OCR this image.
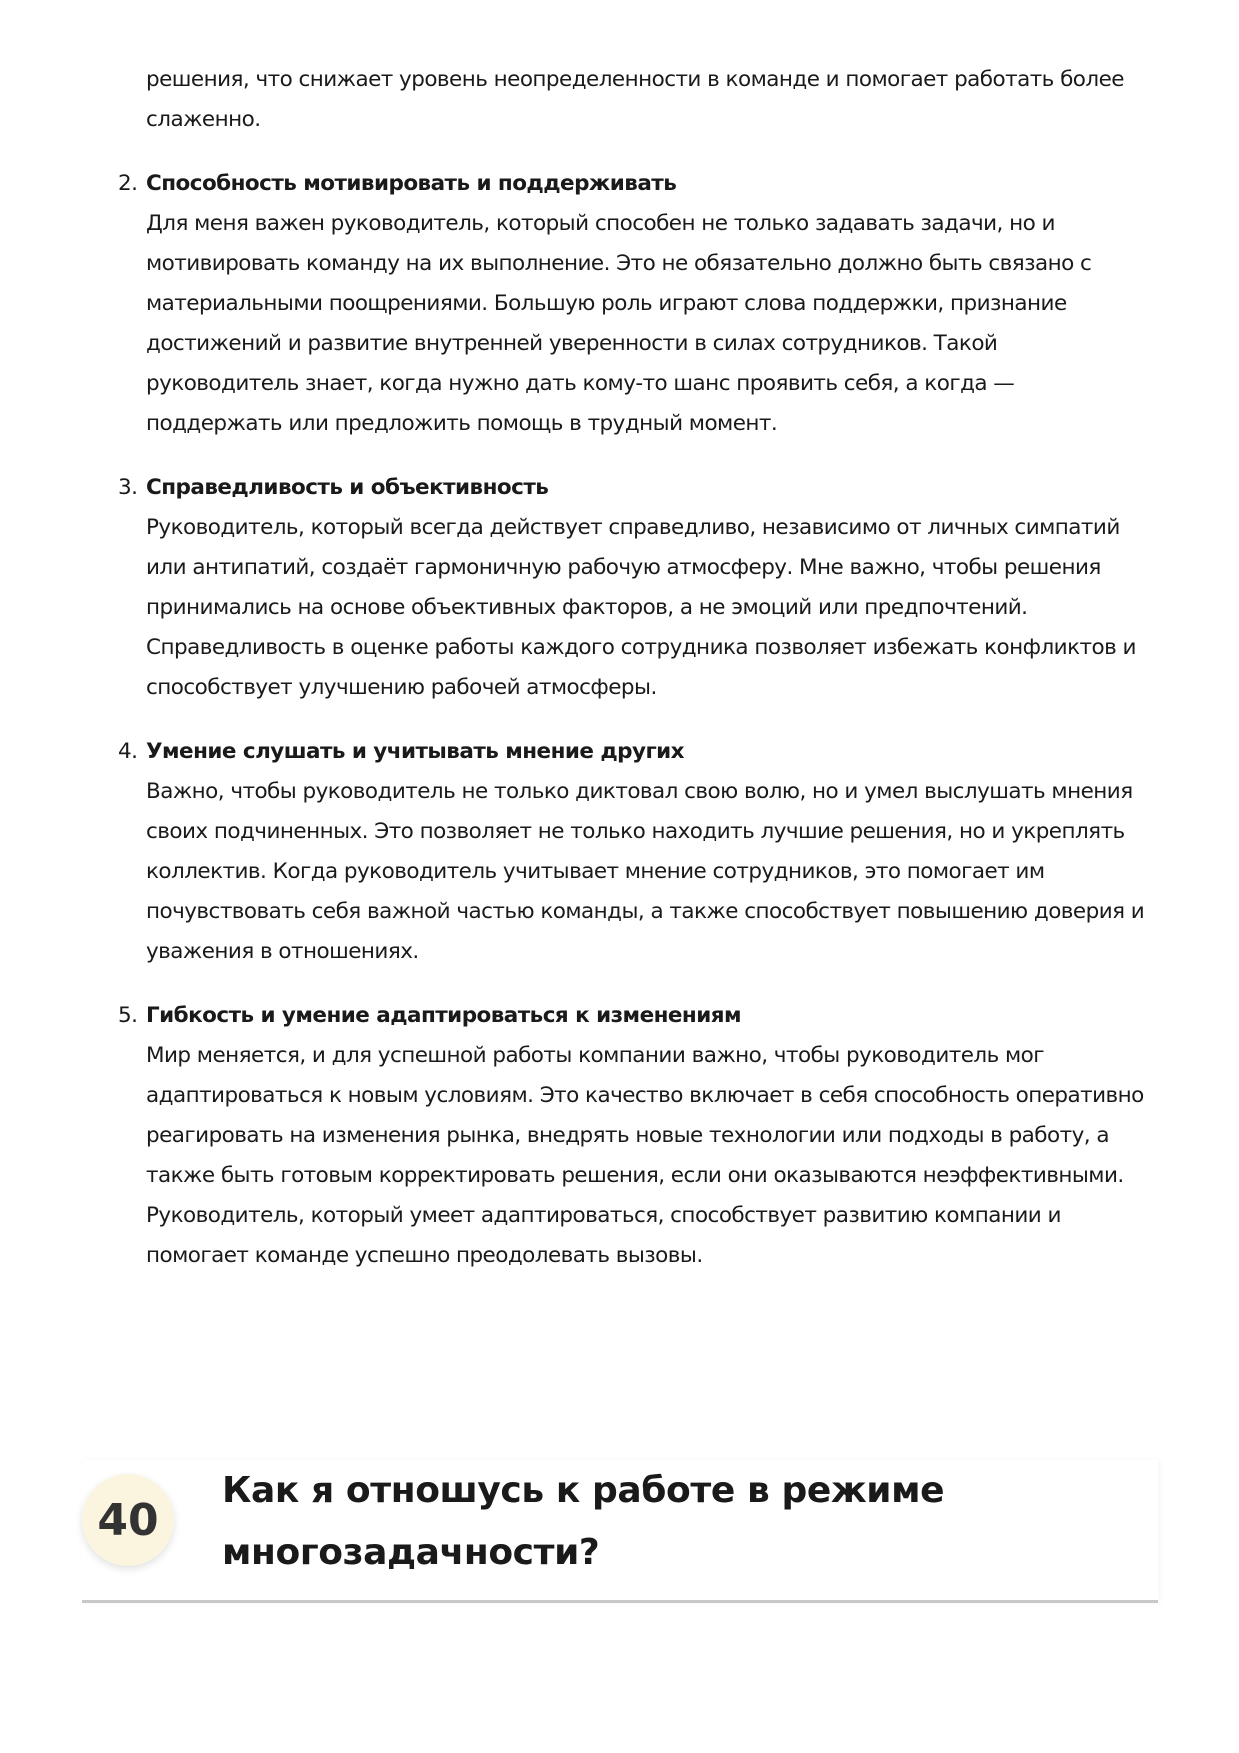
решения, что снижает уровень неопределенности в команде и помогает работать более слаженно.

2. Способность мотивировать и поддерживать
Для меня важен руководитель, который способен не только задавать задачи, но и мотивировать команду на их выполнение. Это не обязательно должно быть связано с материальными поощрениями. Большую роль играют слова поддержки, признание достижений и развитие внутренней уверенности в силах сотрудников. Такой руководитель знает, когда нужно дать кому-то шанс проявить себя, а когда — поддержать или предложить помощь в трудный момент.
3. Справедливость и объективность
Руководитель, который всегда действует справедливо, независимо от личных симпатий или антипатий, создаёт гармоничную рабочую атмосферу. Мне важно, чтобы решения принимались на основе объективных факторов, а не эмоций или предпочтений. Справедливость в оценке работы каждого сотрудника позволяет избежать конфликтов и способствует улучшению рабочей атмосферы.
4. Умение слушать и учитывать мнение других
Важно, чтобы руководитель не только диктовал свою волю, но и умел выслушать мнения своих подчиненных. Это позволяет не только находить лучшие решения, но и укреплять коллектив. Когда руководитель учитывает мнение сотрудников, это помогает им почувствовать себя важной частью команды, а также способствует повышению доверия и уважения в отношениях.
5. Гибкость и умение адаптироваться к изменениям
Мир меняется, и для успешной работы компании важно, чтобы руководитель мог адаптироваться к новым условиям. Это качество включает в себя способность оперативно реагировать на изменения рынка, внедрять новые технологии или подходы в работу, а также быть готовым корректировать решения, если они оказываются неэффективными. Руководитель, который умеет адаптироваться, способствует развитию компании и помогает команде успешно преодолевать вызовы.
40
Как я отношусь к работе в режиме многозадачности?
